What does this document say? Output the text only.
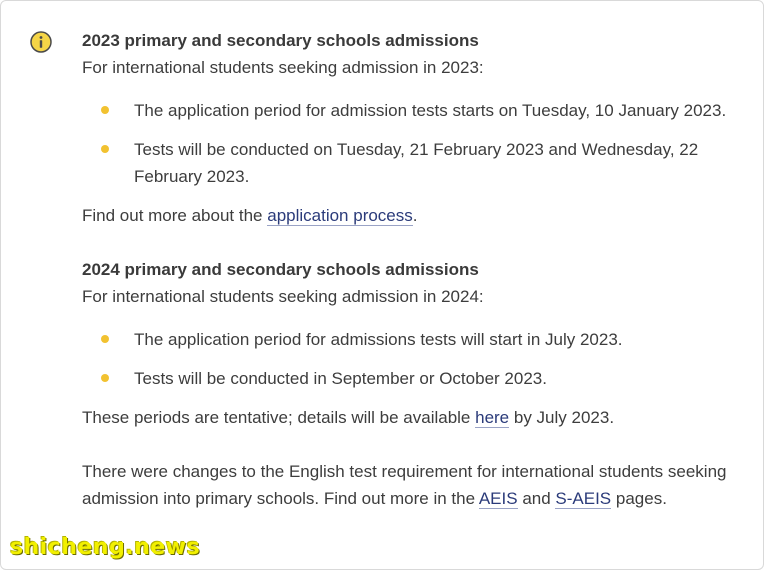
2023 primary and secondary schools admissions

For international students seeking admission in 2023:

The application period for admission tests starts on Tuesday, 10 January 2023.
Tests will be conducted on Tuesday, 21 February 2023 and Wednesday, 22 February 2023.

Find out more about the application process.

2024 primary and secondary schools admissions

For international students seeking admission in 2024:

The application period for admissions tests will start in July 2023.
Tests will be conducted in September or October 2023.

These periods are tentative; details will be available here by July 2023.

There were changes to the English test requirement for international students seeking admission into primary schools. Find out more in the AEIS and S-AEIS pages.

shicheng.news
